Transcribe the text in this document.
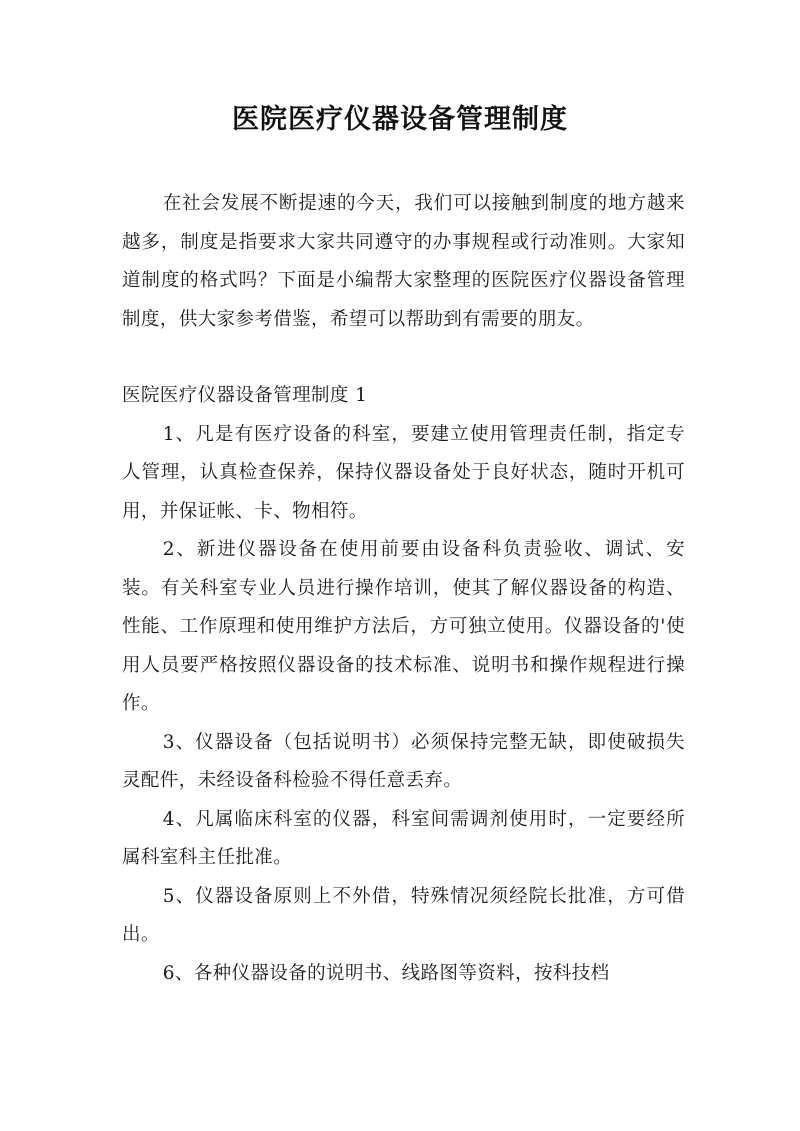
医院医疗仪器设备管理制度

在社会发展不断提速的今天，我们可以接触到制度的地方越来越多，制度是指要求大家共同遵守的办事规程或行动准则。大家知道制度的格式吗？下面是小编帮大家整理的医院医疗仪器设备管理制度，供大家参考借鉴，希望可以帮助到有需要的朋友。

医院医疗仪器设备管理制度 1

1、凡是有医疗设备的科室，要建立使用管理责任制，指定专人管理，认真检查保养，保持仪器设备处于良好状态，随时开机可用，并保证帐、卡、物相符。

2、新进仪器设备在使用前要由设备科负责验收、调试、安装。有关科室专业人员进行操作培训，使其了解仪器设备的构造、性能、工作原理和使用维护方法后，方可独立使用。仪器设备的'使用人员要严格按照仪器设备的技术标准、说明书和操作规程进行操作。

3、仪器设备（包括说明书）必须保持完整无缺，即使破损失灵配件，未经设备科检验不得任意丢弃。

4、凡属临床科室的仪器，科室间需调剂使用时，一定要经所属科室科主任批准。

5、仪器设备原则上不外借，特殊情况须经院长批准，方可借出。

6、各种仪器设备的说明书、线路图等资料，按科技档
